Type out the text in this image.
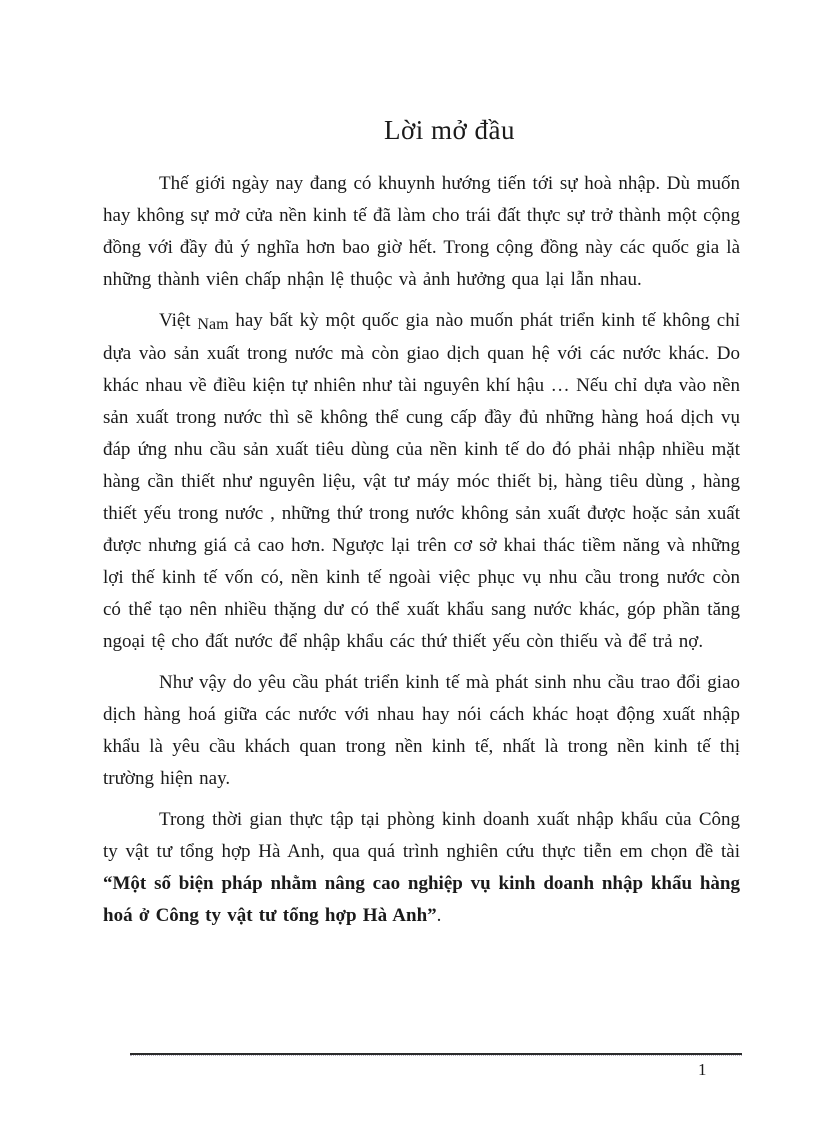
Lời mở đầu

Thế giới ngày nay đang có khuynh hướng tiến tới sự hoà nhập. Dù muốn hay không sự mở cửa nền kinh tế đã làm cho trái đất thực sự trở thành một cộng đồng với đầy đủ ý nghĩa hơn bao giờ hết. Trong cộng đồng này các quốc gia là những thành viên chấp nhận lệ thuộc và ảnh hưởng qua lại lẫn nhau.

Việt Nam hay bất kỳ một quốc gia nào muốn phát triển kinh tế không chỉ dựa vào sản xuất trong nước mà còn giao dịch quan hệ với các nước khác. Do khác nhau về điều kiện tự nhiên như tài nguyên khí hậu … Nếu chỉ dựa vào nền sản xuất trong nước thì sẽ không thể cung cấp đầy đủ những hàng hoá dịch vụ đáp ứng nhu cầu sản xuất tiêu dùng của nền kinh tế do đó phải nhập nhiều mặt hàng cần thiết như nguyên liệu, vật tư máy móc thiết bị, hàng tiêu dùng , hàng thiết yếu trong nước , những thứ trong nước không sản xuất được hoặc sản xuất được nhưng giá cả cao hơn. Ngược lại trên cơ sở khai thác tiềm năng và những lợi thế kinh tế vốn có, nền kinh tế ngoài việc phục vụ nhu cầu trong nước còn có thể tạo nên nhiều thặng dư có thể xuất khẩu sang nước khác, góp phần tăng ngoại tệ cho đất nước để nhập khẩu các thứ thiết yếu còn thiếu và để trả nợ.

Như vậy do yêu cầu phát triển kinh tế mà phát sinh nhu cầu trao đổi giao dịch hàng hoá giữa các nước với nhau hay nói cách khác hoạt động xuất nhập khẩu là yêu cầu khách quan trong nền kinh tế, nhất là trong nền kinh tế thị trường hiện nay.

Trong thời gian thực tập tại phòng kinh doanh xuất nhập khẩu của Công ty vật tư tổng hợp Hà Anh, qua quá trình nghiên cứu thực tiễn em chọn đề tài “Một số biện pháp nhằm nâng cao nghiệp vụ kinh doanh nhập khẩu hàng hoá ở Công ty vật tư tổng hợp Hà Anh”.

1
